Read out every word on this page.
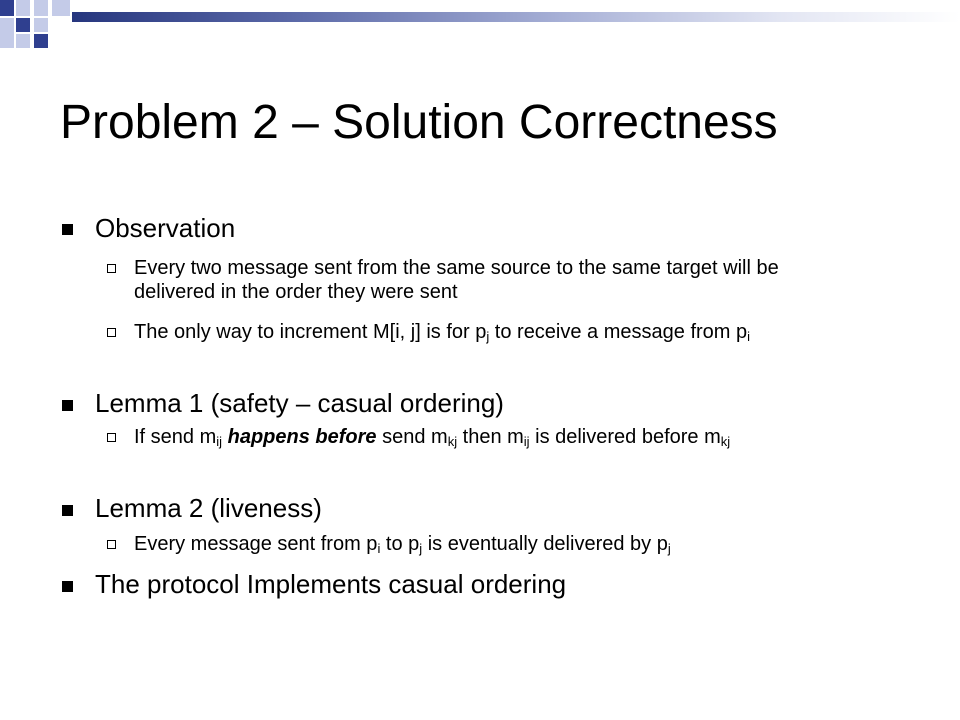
Problem 2 – Solution Correctness
Observation
Every two message sent from the same source to the same target will be delivered in the order they were sent
The only way to increment M[i, j] is for $p_j$ to receive a message from $p_i$
Lemma 1 (safety – casual ordering)
If send $m_{ij}$ happens before send $m_{kj}$ then $m_{ij}$ is delivered before $m_{kj}$
Lemma 2 (liveness)
Every message sent from $p_i$ to $p_j$ is eventually delivered by $p_j$
The protocol Implements casual ordering
